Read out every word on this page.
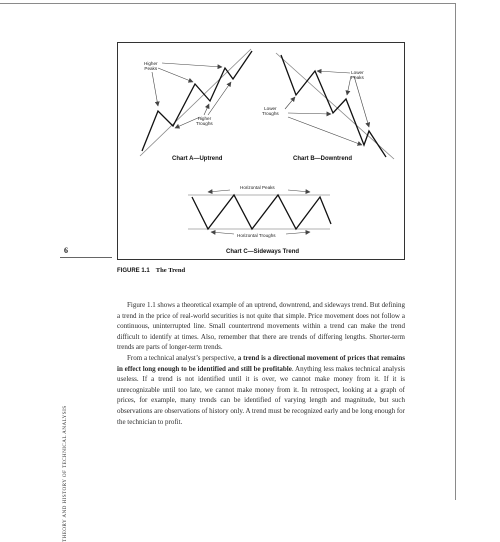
Higher
Peaks
Higher
Troughs
Lower
Peaks
Lower
Troughs
Chart A—Uptrend	Chart B—Downtrend
Horizontal Peaks
Horizontal Troughs
Chart C—Sideways Trend
6
THEORY AND HISTORY OF TECHNICAL ANALYSIS
FIGURE 1.1 The Trend

Figure 1.1 shows a theoretical example of an uptrend, downtrend, and sideways trend. But defining a trend in the price of real-world securities is not quite that simple. Price movement does not follow a continuous, uninterrupted line. Small countertrend movements within a trend can make the trend difficult to identify at times. Also, remember that there are trends of differing lengths. Shorter-term trends are parts of longer-term trends.

From a technical analyst’s perspective, a trend is a directional movement of prices that remains in effect long enough to be identified and still be profitable. Anything less makes technical analysis useless. If a trend is not identified until it is over, we cannot make money from it. If it is unrecognizable until too late, we cannot make money from it. In retrospect, looking at a graph of prices, for example, many trends can be identified of varying length and magnitude, but such observations are observations of history only. A trend must be recognized early and be long enough for the technician to profit.
